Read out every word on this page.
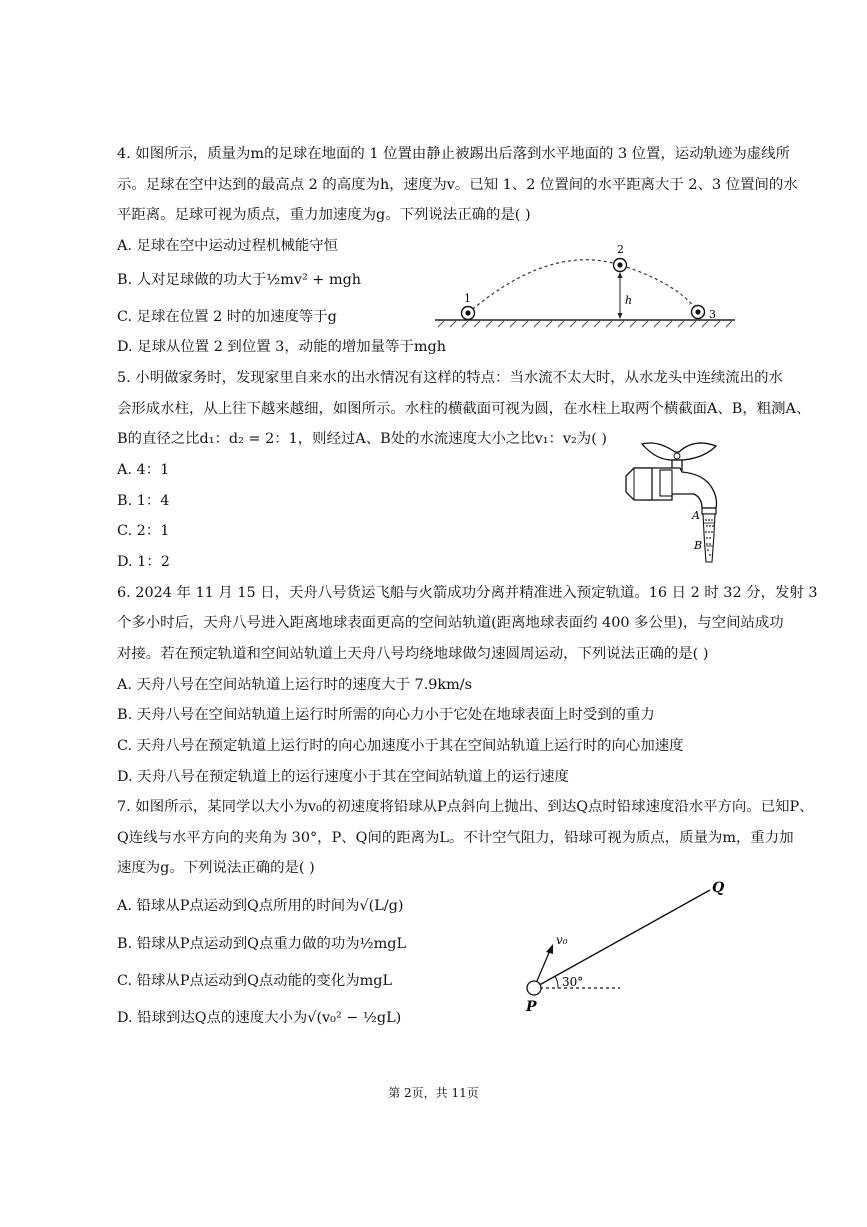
4. 如图所示，质量为m的足球在地面的 1 位置由静止被踢出后落到水平地面的 3 位置，运动轨迹为虚线所
示。足球在空中达到的最高点 2 的高度为h，速度为v。已知 1、2 位置间的水平距离大于 2、3 位置间的水
平距离。足球可视为质点，重力加速度为g。下列说法正确的是( )
A. 足球在空中运动过程机械能守恒
B. 人对足球做的功大于½mv² + mgh
C. 足球在位置 2 时的加速度等于g
D. 足球从位置 2 到位置 3，动能的增加量等于mgh
1
2
3
h
5. 小明做家务时，发现家里自来水的出水情况有这样的特点：当水流不太大时，从水龙头中连续流出的水
会形成水柱，从上往下越来越细，如图所示。水柱的横截面可视为圆，在水柱上取两个横截面A、B，粗测A、
B的直径之比d₁：d₂ = 2：1，则经过A、B处的水流速度大小之比v₁：v₂为( )
A. 4：1
B. 1：4
C. 2：1
D. 1：2
A
B
6. 2024 年 11 月 15 日，天舟八号货运飞船与火箭成功分离并精准进入预定轨道。16 日 2 时 32 分，发射 3
个多小时后，天舟八号进入距离地球表面更高的空间站轨道(距离地球表面约 400 多公里)，与空间站成功
对接。若在预定轨道和空间站轨道上天舟八号均绕地球做匀速圆周运动，下列说法正确的是( )
A. 天舟八号在空间站轨道上运行时的速度大于 7.9km/s
B. 天舟八号在空间站轨道上运行时所需的向心力小于它处在地球表面上时受到的重力
C. 天舟八号在预定轨道上运行时的向心加速度小于其在空间站轨道上运行时的向心加速度
D. 天舟八号在预定轨道上的运行速度小于其在空间站轨道上的运行速度
7. 如图所示，某同学以大小为v₀的初速度将铅球从P点斜向上抛出、到达Q点时铅球速度沿水平方向。已知P、
Q连线与水平方向的夹角为 30°，P、Q间的距离为L。不计空气阻力，铅球可视为质点，质量为m，重力加
速度为g。下列说法正确的是( )
A. 铅球从P点运动到Q点所用的时间为√(L/g)
B. 铅球从P点运动到Q点重力做的功为½mgL
C. 铅球从P点运动到Q点动能的变化为mgL
D. 铅球到达Q点的速度大小为√(v₀² − ½gL)
P
Q
v₀
30°
第 2页，共 11页
